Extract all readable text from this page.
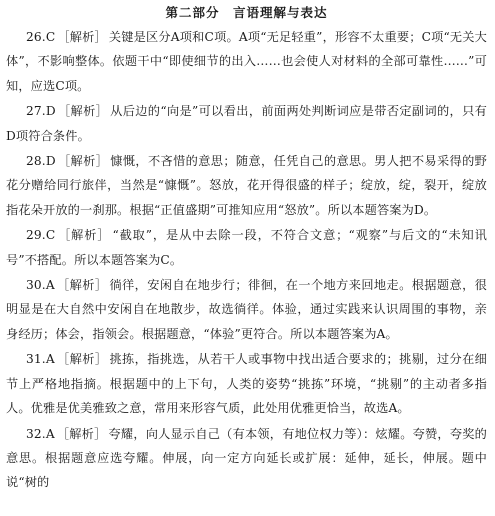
第二部分　言语理解与表达

26.C ［解析］ 关键是区分A项和C项。A项“无足轻重”，形容不太重要；C项“无关大体”，不影响整体。依题干中“即使细节的出入……也会使人对材料的全部可靠性……”可知，应选C项。

27.D ［解析］ 从后边的“向是”可以看出，前面两处判断词应是带否定副词的，只有D项符合条件。

28.D ［解析］ 慷慨，不吝惜的意思；随意，任凭自己的意思。男人把不易采得的野花分赠给同行旅伴，当然是“慷慨”。怒放，花开得很盛的样子；绽放，绽，裂开，绽放指花朵开放的一刹那。根据“正值盛期”可推知应用“怒放”。所以本题答案为D。

29.C ［解析］ “截取”，是从中去除一段，不符合文意；“观察”与后文的“未知讯号”不搭配。所以本题答案为C。

30.A ［解析］ 徜徉，安闲自在地步行；徘徊，在一个地方来回地走。根据题意，很明显是在大自然中安闲自在地散步，故选徜徉。体验，通过实践来认识周围的事物，亲身经历；体会，指领会。根据题意，“体验”更符合。所以本题答案为A。

31.A ［解析］ 挑拣，指挑选，从若干人或事物中找出适合要求的；挑剔，过分在细节上严格地指摘。根据题中的上下句，人类的姿势“挑拣”环境，“挑剔”的主动者多指人。优雅是优美雅致之意，常用来形容气质，此处用优雅更恰当，故选A。

32.A ［解析］ 夸耀，向人显示自己（有本领，有地位权力等）：炫耀。夸赞，夸奖的意思。根据题意应选夸耀。伸展，向一定方向延长或扩展：延伸，延长，伸展。题中说“树的
